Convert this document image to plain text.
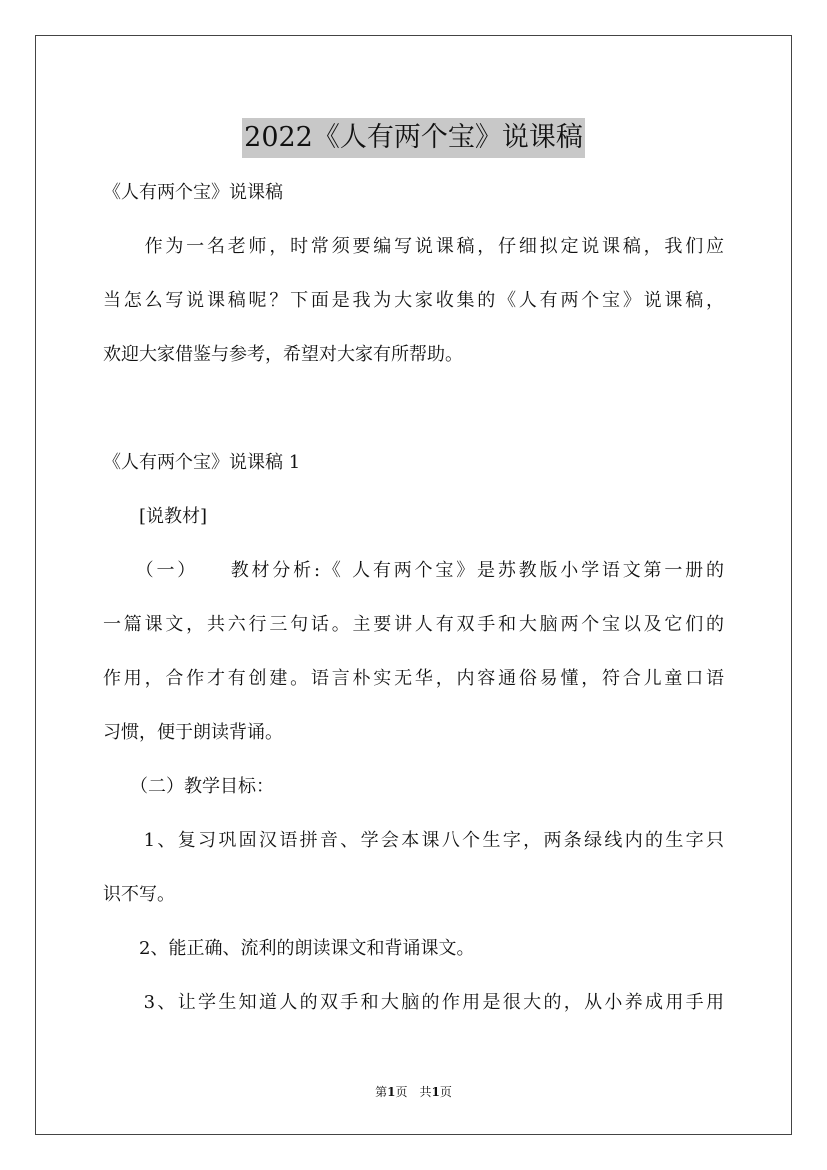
2022《人有两个宝》说课稿
《人有两个宝》说课稿
　　作为一名老师，时常须要编写说课稿，仔细拟定说课稿，我们应
当怎么写说课稿呢？下面是我为大家收集的《人有两个宝》说课稿，
欢迎大家借鉴与参考，希望对大家有所帮助。
《人有两个宝》说课稿 1
　　[说教材]
　　（一）　　教材分析:《 人有两个宝》是苏教版小学语文第一册的
一篇课文，共六行三句话。主要讲人有双手和大脑两个宝以及它们的
作用，合作才有创建。语言朴实无华，内容通俗易懂，符合儿童口语
习惯，便于朗读背诵。
　　（二）教学目标：
　　1、复习巩固汉语拼音、学会本课八个生字，两条绿线内的生字只
识不写。
　　2、能正确、流利的朗读课文和背诵课文。
　　3、让学生知道人的双手和大脑的作用是很大的，从小养成用手用
第1页　共1页
